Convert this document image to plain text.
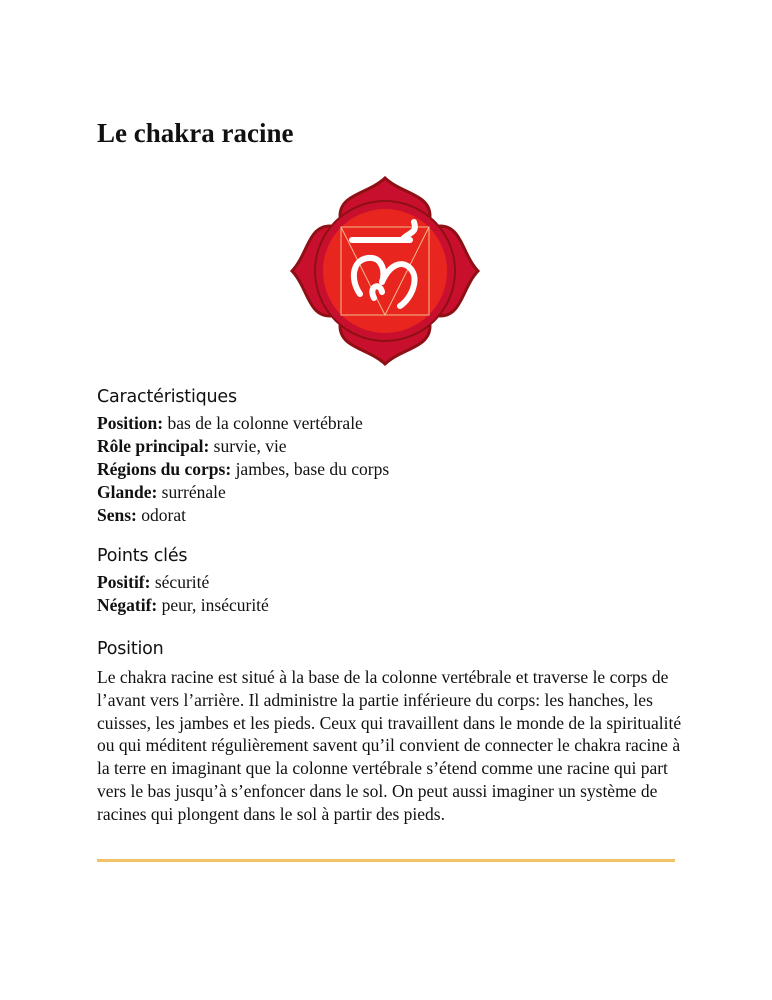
Le chakra racine
Caractéristiques
Position: bas de la colonne vertébrale
Rôle principal: survie, vie
Régions du corps: jambes, base du corps
Glande: surrénale
Sens: odorat
Points clés
Positif: sécurité
Négatif: peur, insécurité
Position

Le chakra racine est situé à la base de la colonne vertébrale et traverse le corps de l’avant vers l’arrière. Il administre la partie inférieure du corps: les hanches, les cuisses, les jambes et les pieds. Ceux qui travaillent dans le monde de la spiritualité ou qui méditent régulièrement savent qu’il convient de connecter le chakra racine à la terre en imaginant que la colonne vertébrale s’étend comme une racine qui part vers le bas jusqu’à s’enfoncer dans le sol. On peut aussi imaginer un système de racines qui plongent dans le sol à partir des pieds.
